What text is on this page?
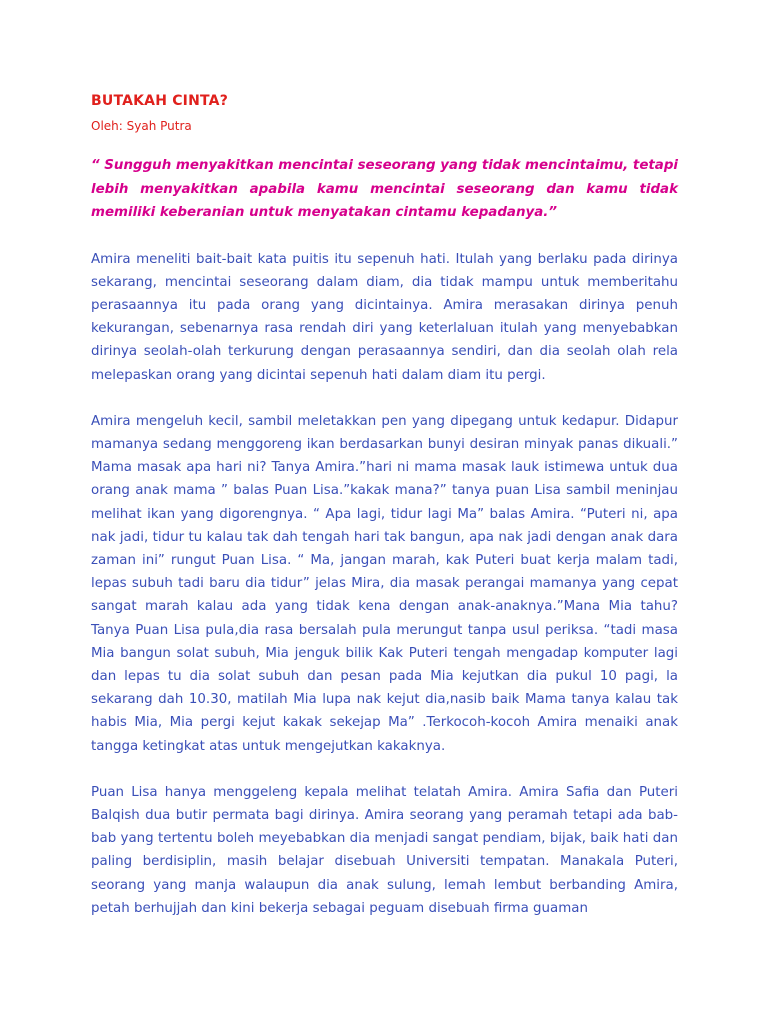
BUTAKAH CINTA?
Oleh: Syah Putra
“ Sungguh menyakitkan mencintai seseorang yang tidak mencintaimu, tetapi lebih menyakitkan apabila kamu mencintai seseorang dan kamu tidak memiliki keberanian untuk menyatakan cintamu kepadanya.”
Amira meneliti bait-bait kata puitis itu sepenuh hati. Itulah yang berlaku pada dirinya sekarang, mencintai seseorang dalam diam, dia tidak mampu untuk memberitahu perasaannya itu pada orang yang dicintainya. Amira merasakan dirinya penuh kekurangan, sebenarnya rasa rendah diri yang keterlaluan itulah yang menyebabkan dirinya seolah-olah terkurung dengan perasaannya sendiri, dan dia seolah olah rela melepaskan orang yang dicintai sepenuh hati dalam diam itu pergi.
Amira mengeluh kecil, sambil meletakkan pen yang dipegang untuk kedapur. Didapur mamanya sedang menggoreng ikan berdasarkan bunyi desiran minyak panas dikuali.” Mama masak apa hari ni? Tanya Amira.”hari ni mama masak lauk istimewa untuk dua orang anak mama ” balas Puan Lisa.”kakak mana?” tanya puan Lisa sambil meninjau melihat ikan yang digorengnya. “ Apa lagi, tidur lagi Ma” balas Amira. “Puteri ni, apa nak jadi, tidur tu kalau tak dah tengah hari tak bangun, apa nak jadi dengan anak dara zaman ini” rungut Puan Lisa. “ Ma, jangan marah, kak Puteri buat kerja malam tadi, lepas subuh tadi baru dia tidur” jelas Mira, dia masak perangai mamanya yang cepat sangat marah kalau ada yang tidak kena dengan anak-anaknya.”Mana Mia tahu? Tanya Puan Lisa pula,dia rasa bersalah pula merungut tanpa usul periksa. “tadi masa Mia bangun solat subuh, Mia jenguk bilik Kak Puteri tengah mengadap komputer lagi dan lepas tu dia solat subuh dan pesan pada Mia kejutkan dia pukul 10 pagi, la sekarang dah 10.30, matilah Mia lupa nak kejut dia,nasib baik Mama tanya kalau tak habis Mia, Mia pergi kejut kakak sekejap Ma” .Terkocoh-kocoh Amira menaiki anak tangga ketingkat atas untuk mengejutkan kakaknya.
Puan Lisa hanya menggeleng kepala melihat telatah Amira. Amira Safia dan Puteri Balqish dua butir permata bagi dirinya. Amira seorang yang peramah tetapi ada bab-bab yang tertentu boleh meyebabkan dia menjadi sangat pendiam, bijak, baik hati dan paling berdisiplin, masih belajar disebuah Universiti tempatan. Manakala Puteri, seorang yang manja walaupun dia anak sulung, lemah lembut berbanding Amira, petah berhujjah dan kini bekerja sebagai peguam disebuah firma guaman
